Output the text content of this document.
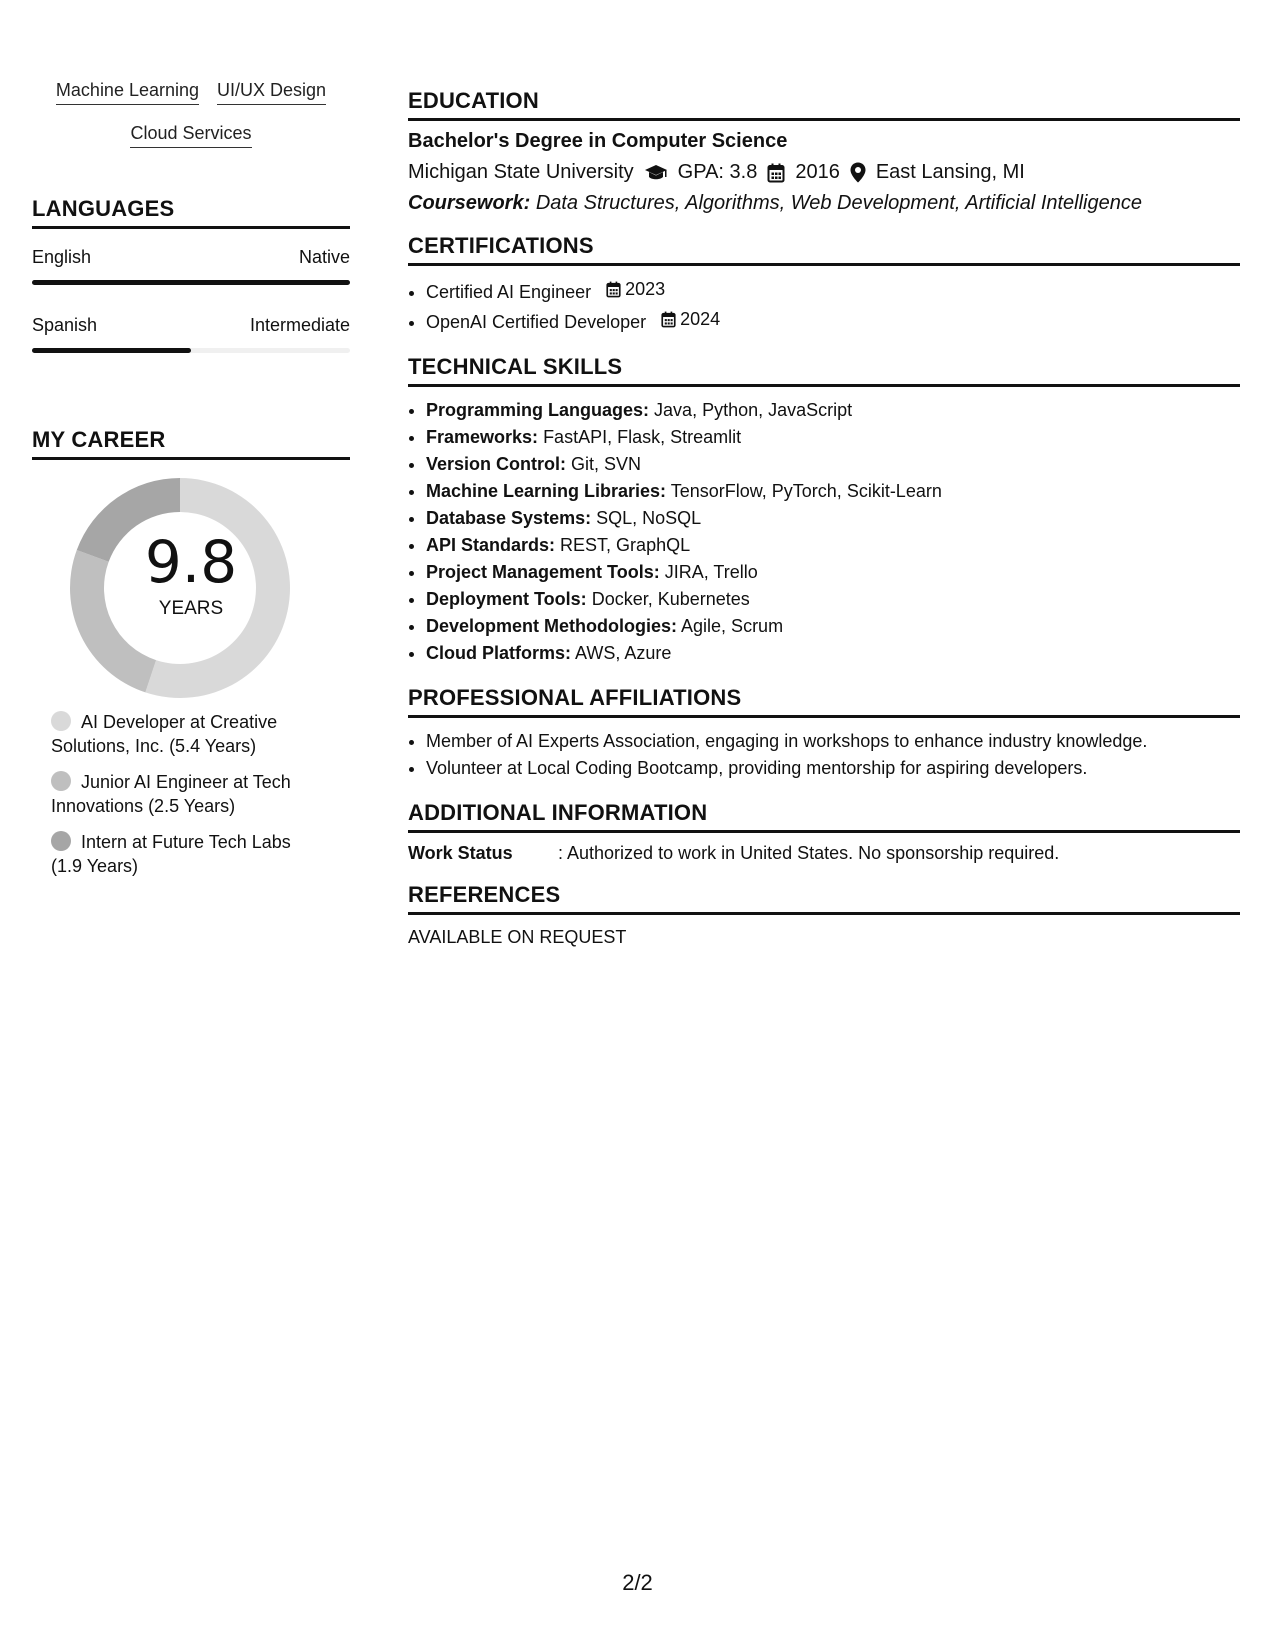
Machine Learning UI/UX Design
Cloud Services
LANGUAGES
English	Native
Spanish	Intermediate
MY CAREER
9.8
YEARS
AI Developer at Creative Solutions, Inc. (5.4 Years)
Junior AI Engineer at Tech Innovations (2.5 Years)
Intern at Future Tech Labs (1.9 Years)
EDUCATION
Bachelor's Degree in Computer Science
Michigan State University GPA: 3.8 2016 East Lansing, MI
Coursework: Data Structures, Algorithms, Web Development, Artificial Intelligence
CERTIFICATIONS
• Certified AI Engineer 2023
• OpenAI Certified Developer 2024
TECHNICAL SKILLS
• Programming Languages: Java, Python, JavaScript
• Frameworks: FastAPI, Flask, Streamlit
• Version Control: Git, SVN
• Machine Learning Libraries: TensorFlow, PyTorch, Scikit-Learn
• Database Systems: SQL, NoSQL
• API Standards: REST, GraphQL
• Project Management Tools: JIRA, Trello
• Deployment Tools: Docker, Kubernetes
• Development Methodologies: Agile, Scrum
• Cloud Platforms: AWS, Azure
PROFESSIONAL AFFILIATIONS
• Member of AI Experts Association, engaging in workshops to enhance industry knowledge.
• Volunteer at Local Coding Bootcamp, providing mentorship for aspiring developers.
ADDITIONAL INFORMATION
Work Status	: Authorized to work in United States. No sponsorship required.
REFERENCES
AVAILABLE ON REQUEST
2/2
